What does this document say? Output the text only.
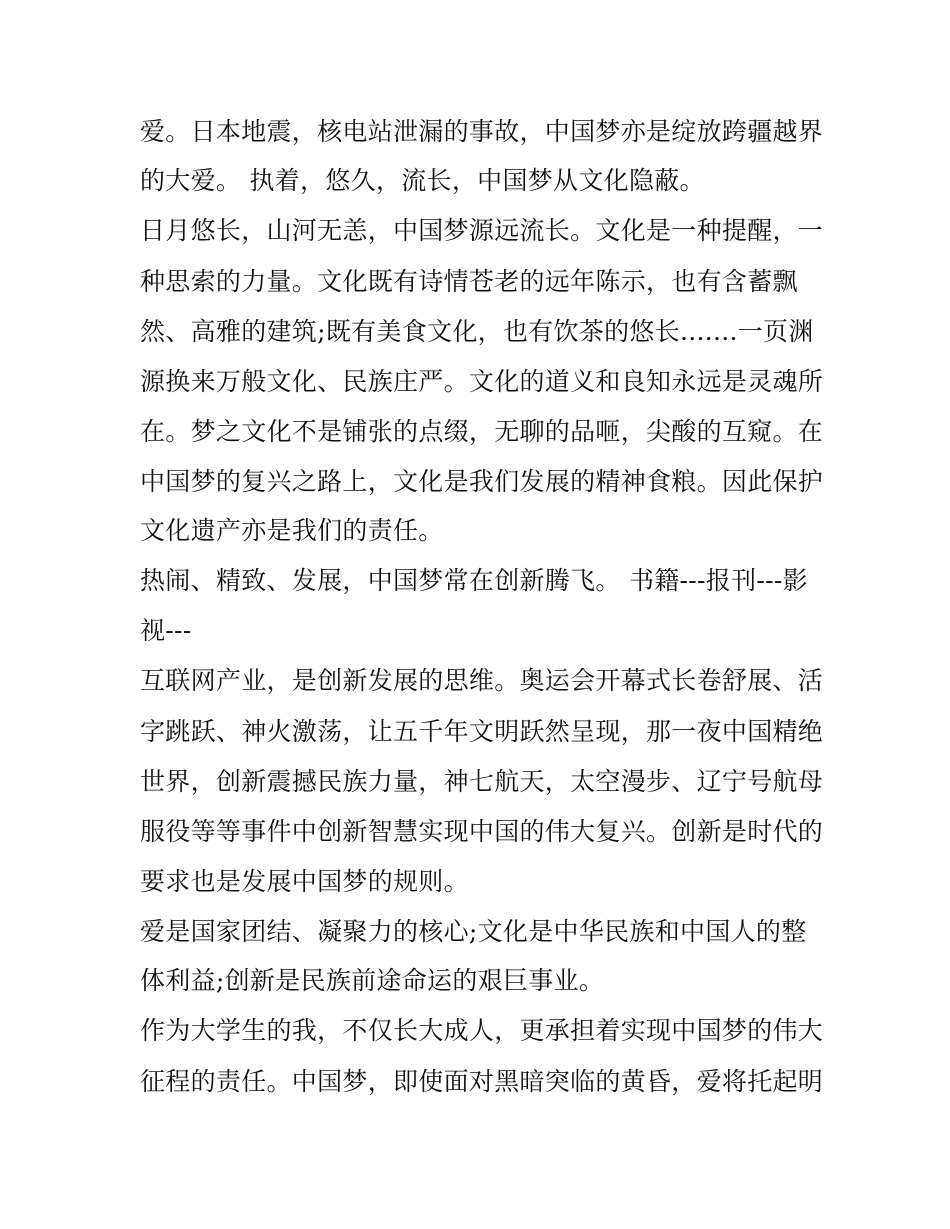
爱。日本地震，核电站泄漏的事故，中国梦亦是绽放跨疆越界
的大爱。 执着，悠久，流长，中国梦从文化隐蔽。
日月悠长，山河无恙，中国梦源远流长。文化是一种提醒，一
种思索的力量。文化既有诗情苍老的远年陈示，也有含蓄飘
然、高雅的建筑;既有美食文化，也有饮茶的悠长.......一页渊
源换来万般文化、民族庄严。文化的道义和良知永远是灵魂所
在。梦之文化不是铺张的点缀，无聊的品咂，尖酸的互窥。在
中国梦的复兴之路上，文化是我们发展的精神食粮。因此保护
文化遗产亦是我们的责任。
热闹、精致、发展，中国梦常在创新腾飞。 书籍---报刊---影
视---
互联网产业，是创新发展的思维。奥运会开幕式长卷舒展、活
字跳跃、神火激荡，让五千年文明跃然呈现，那一夜中国精绝
世界，创新震撼民族力量，神七航天，太空漫步、辽宁号航母
服役等等事件中创新智慧实现中国的伟大复兴。创新是时代的
要求也是发展中国梦的规则。
爱是国家团结、凝聚力的核心;文化是中华民族和中国人的整
体利益;创新是民族前途命运的艰巨事业。
作为大学生的我，不仅长大成人，更承担着实现中国梦的伟大
征程的责任。中国梦，即使面对黑暗突临的黄昏，爱将托起明
